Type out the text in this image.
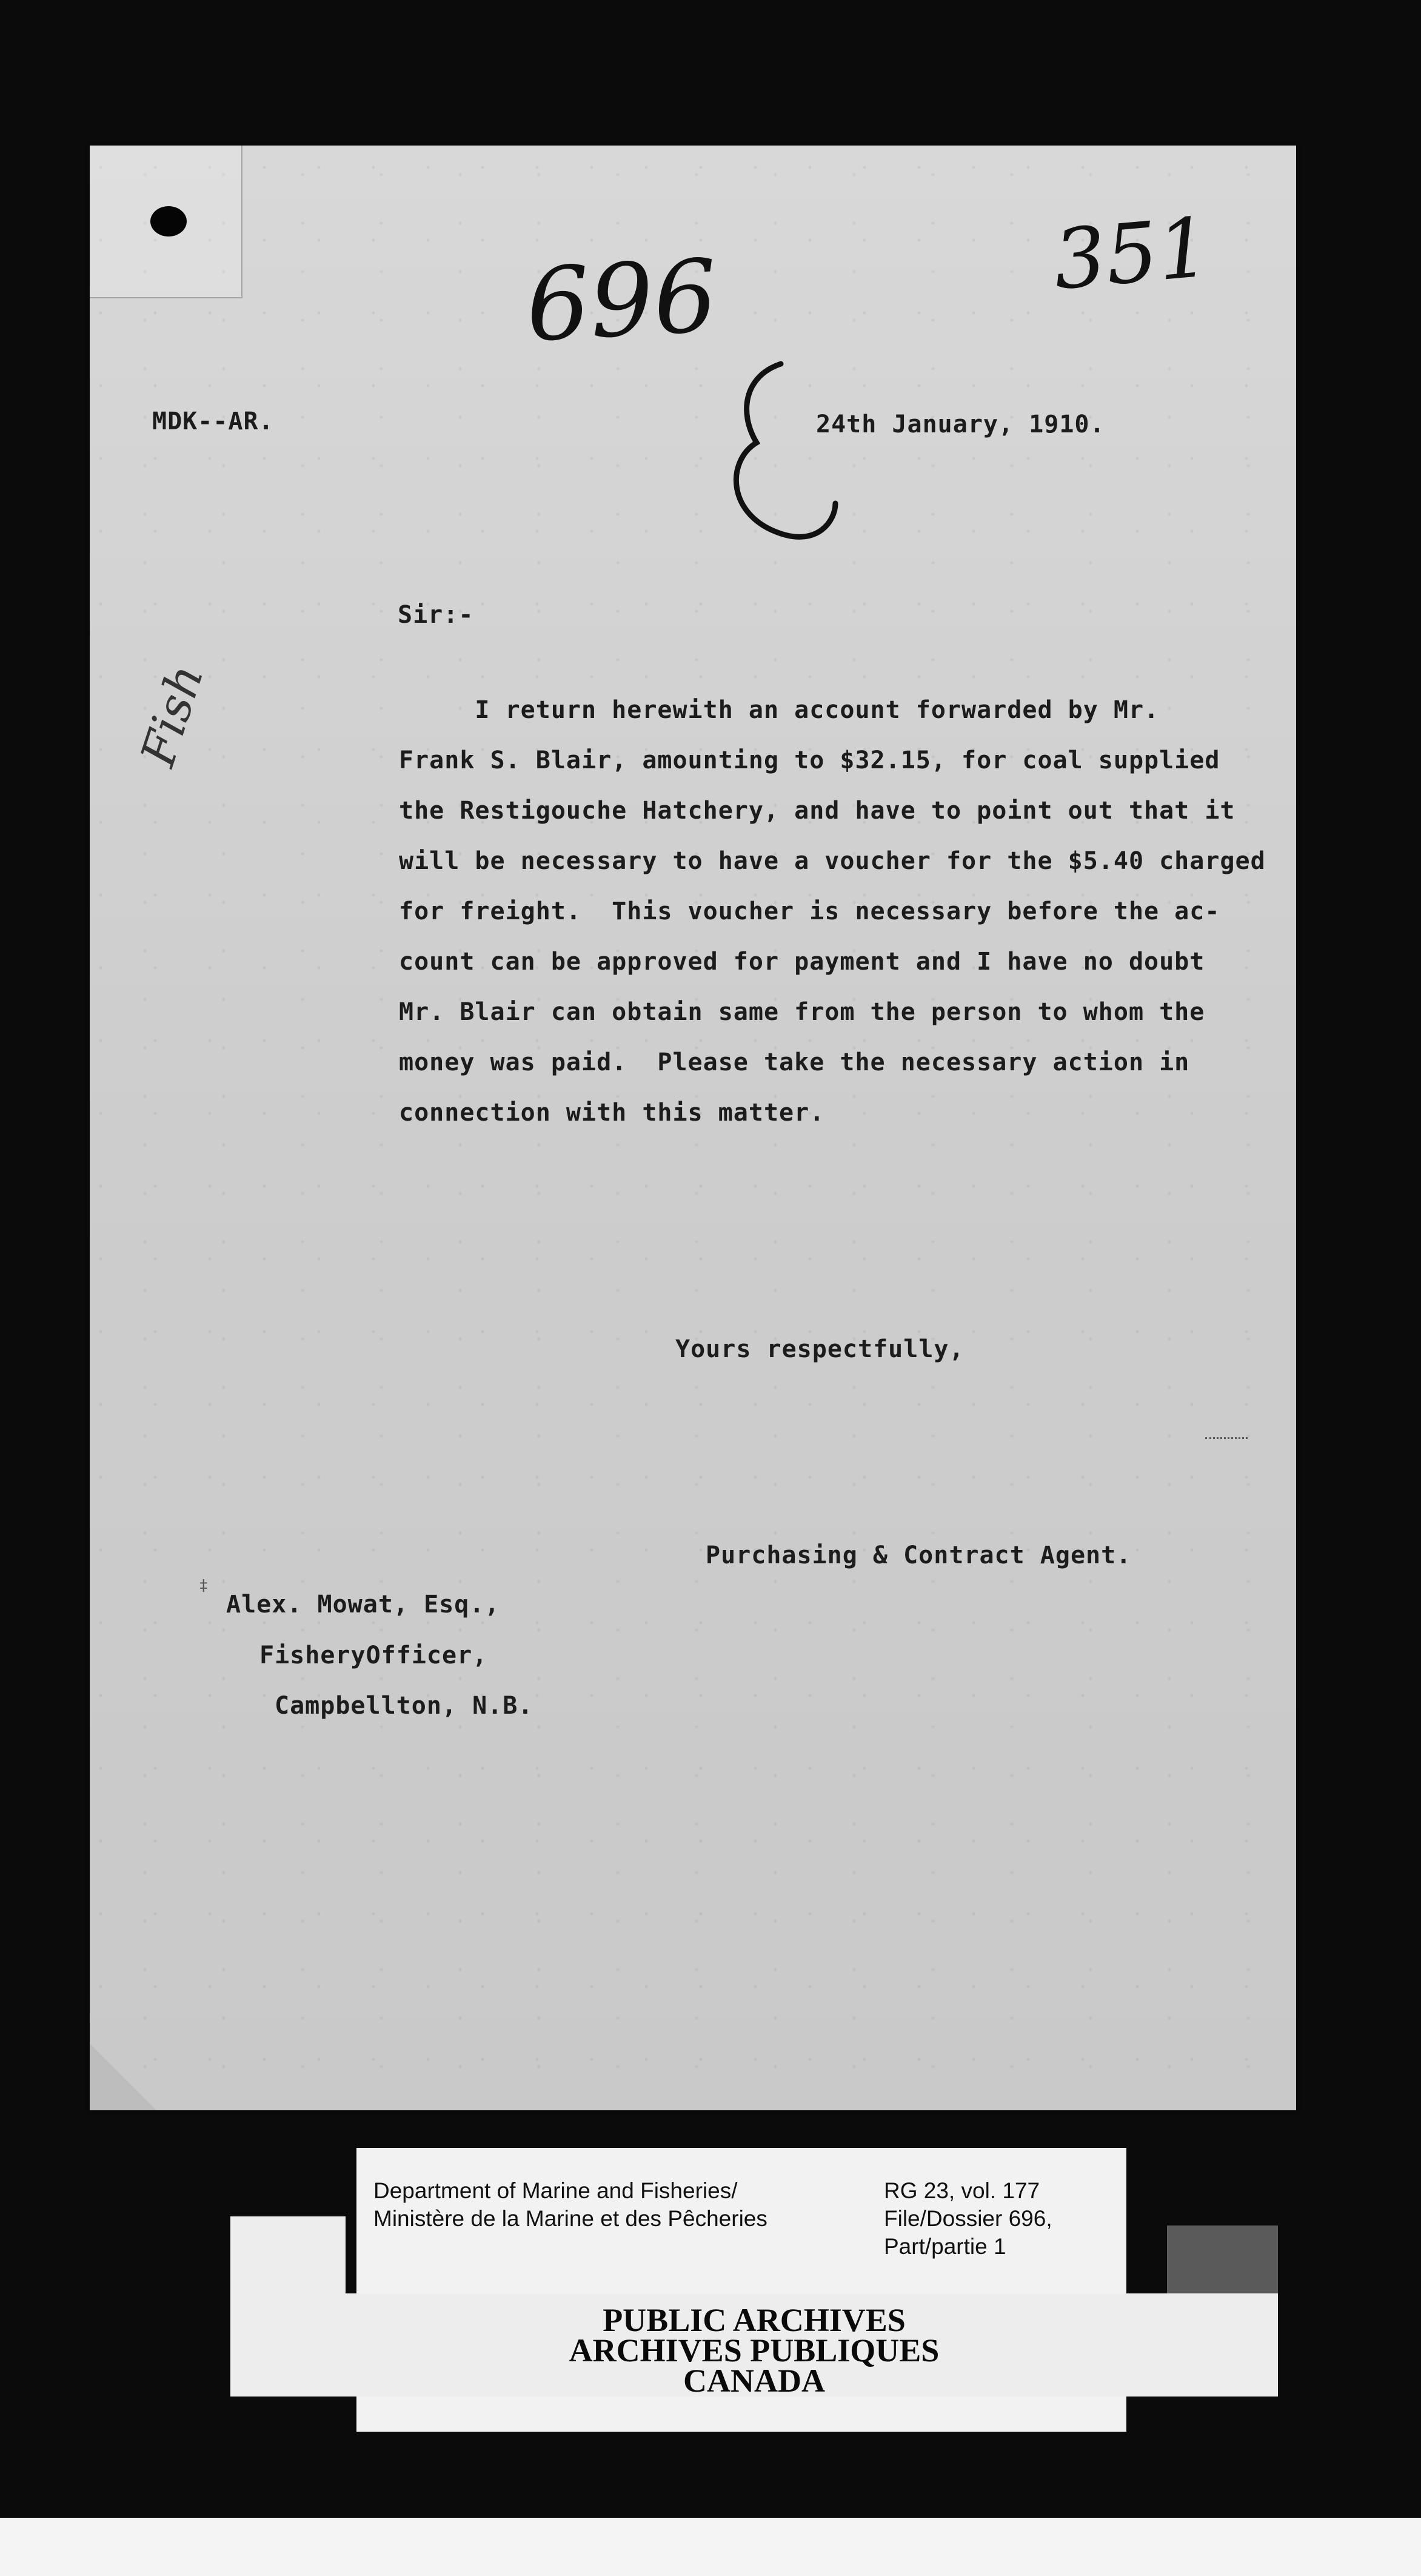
696	351
Fish
MDK--AR.	24th January, 1910.
Sir:-
I return herewith an account forwarded by Mr.
Frank S. Blair, amounting to $32.15, for coal supplied
the Restigouche Hatchery, and have to point out that it
will be necessary to have a voucher for the $5.40 charged
for freight.  This voucher is necessary before the ac-
count can be approved for payment and I have no doubt
Mr. Blair can obtain same from the person to whom the
money was paid.  Please take the necessary action in
connection with this matter.
Yours respectfully,
Purchasing & Contract Agent.
‡
Alex. Mowat, Esq.,
FisheryOfficer,
Campbellton, N.B.
Department of Marine and Fisheries/
Ministère de la Marine et des Pêcheries
RG 23, vol. 177
File/Dossier 696,
Part/partie 1
PUBLIC ARCHIVES
ARCHIVES PUBLIQUES
CANADA
